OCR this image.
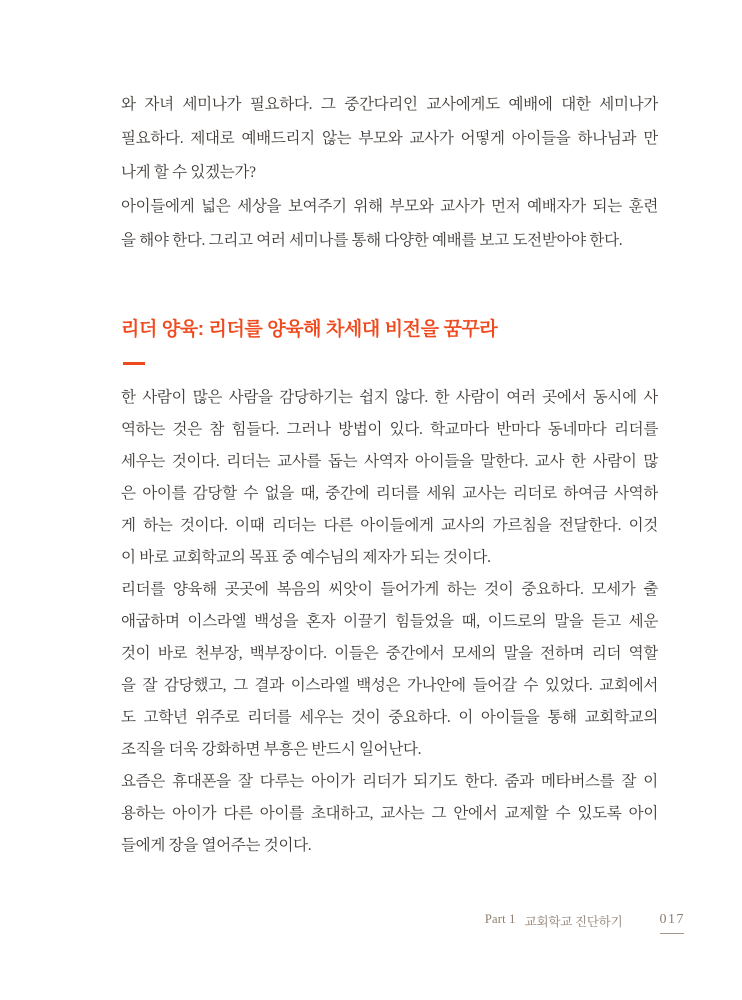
와 자녀 세미나가 필요하다. 그 중간다리인 교사에게도 예배에 대한 세미나가
필요하다. 제대로 예배드리지 않는 부모와 교사가 어떻게 아이들을 하나님과 만
나게 할 수 있겠는가?
아이들에게 넓은 세상을 보여주기 위해 부모와 교사가 먼저 예배자가 되는 훈련
을 해야 한다. 그리고 여러 세미나를 통해 다양한 예배를 보고 도전받아야 한다.
리더 양육: 리더를 양육해 차세대 비전을 꿈꾸라
한 사람이 많은 사람을 감당하기는 쉽지 않다. 한 사람이 여러 곳에서 동시에 사
역하는 것은 참 힘들다. 그러나 방법이 있다. 학교마다 반마다 동네마다 리더를
세우는 것이다. 리더는 교사를 돕는 사역자 아이들을 말한다. 교사 한 사람이 많
은 아이를 감당할 수 없을 때, 중간에 리더를 세워 교사는 리더로 하여금 사역하
게 하는 것이다. 이때 리더는 다른 아이들에게 교사의 가르침을 전달한다. 이것
이 바로 교회학교의 목표 중 예수님의 제자가 되는 것이다.
리더를 양육해 곳곳에 복음의 씨앗이 들어가게 하는 것이 중요하다. 모세가 출
애굽하며 이스라엘 백성을 혼자 이끌기 힘들었을 때, 이드로의 말을 듣고 세운
것이 바로 천부장, 백부장이다. 이들은 중간에서 모세의 말을 전하며 리더 역할
을 잘 감당했고, 그 결과 이스라엘 백성은 가나안에 들어갈 수 있었다. 교회에서
도 고학년 위주로 리더를 세우는 것이 중요하다. 이 아이들을 통해 교회학교의
조직을 더욱 강화하면 부흥은 반드시 일어난다.
요즘은 휴대폰을 잘 다루는 아이가 리더가 되기도 한다. 줌과 메타버스를 잘 이
용하는 아이가 다른 아이를 초대하고, 교사는 그 안에서 교제할 수 있도록 아이
들에게 장을 열어주는 것이다.
Part 1 교회학교 진단하기	017
